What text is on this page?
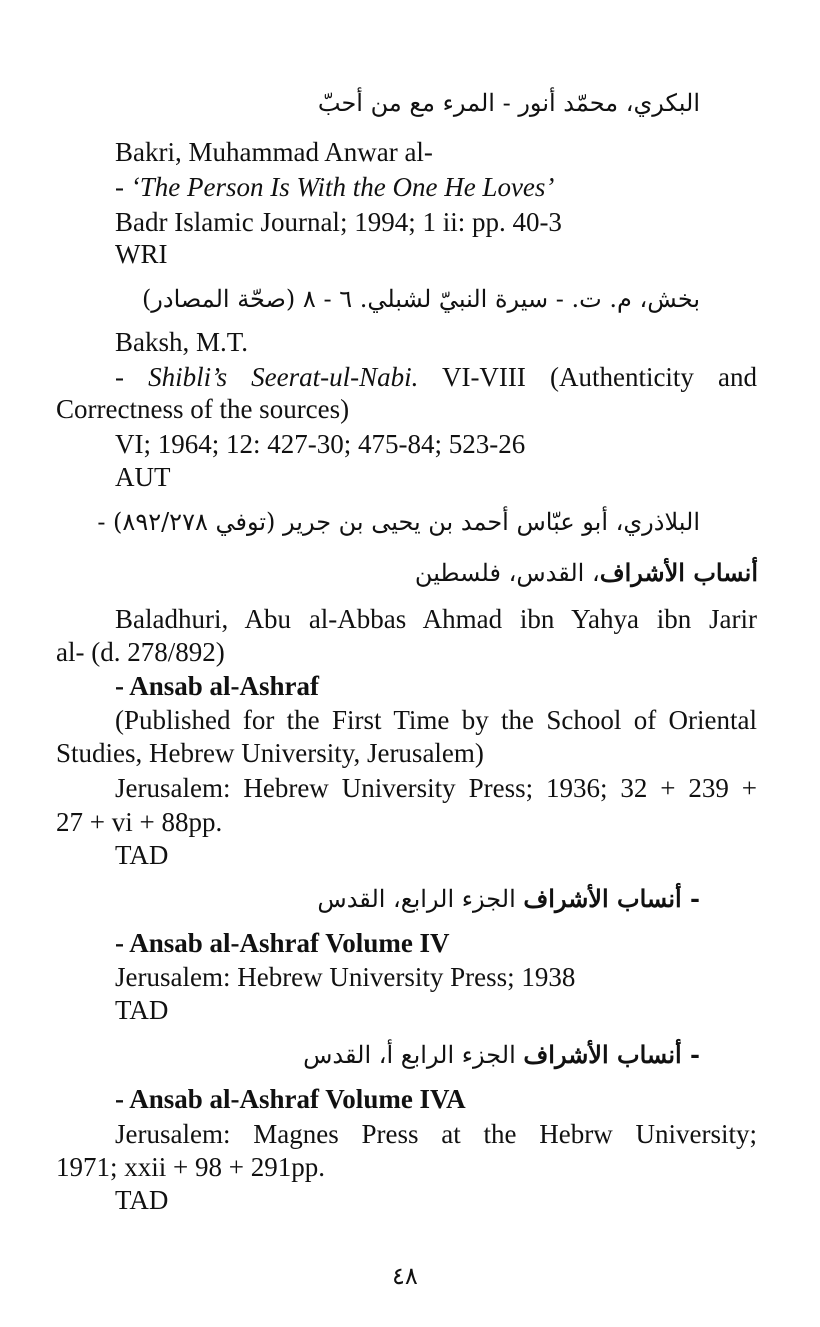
البكري، محمّد أنور - المرء مع من أحبّ
Bakri, Muhammad Anwar al-
- ‘The Person Is With the One He Loves’
Badr Islamic Journal; 1994; 1 ii: pp. 40-3
WRI
بخش، م. ت. - سيرة النبيّ لشبلي. ٦ - ٨ (صحّة المصادر)
Baksh, M.T.
- Shibli’s Seerat-ul-Nabi. VI-VIII (Authenticity and
Correctness of the sources)
VI; 1964; 12: 427-30; 475-84; 523-26
AUT
البلاذري، أبو عبّاس أحمد بن يحيى بن جرير (توفي ٨٩٢/٢٧٨) -
أنساب الأشراف، القدس، فلسطين
Baladhuri, Abu al-Abbas Ahmad ibn Yahya ibn Jarir
al- (d. 278/892)
- Ansab al-Ashraf
(Published for the First Time by the School of Oriental
Studies, Hebrew University, Jerusalem)
Jerusalem: Hebrew University Press; 1936; 32 + 239 +
27 + vi + 88pp.
TAD
- أنساب الأشراف الجزء الرابع، القدس
- Ansab al-Ashraf Volume IV
Jerusalem: Hebrew University Press; 1938
TAD
- أنساب الأشراف الجزء الرابع أ، القدس
- Ansab al-Ashraf Volume IVA
Jerusalem: Magnes Press at the Hebrw University;
1971; xxii + 98 + 291pp.
TAD
٤٨
